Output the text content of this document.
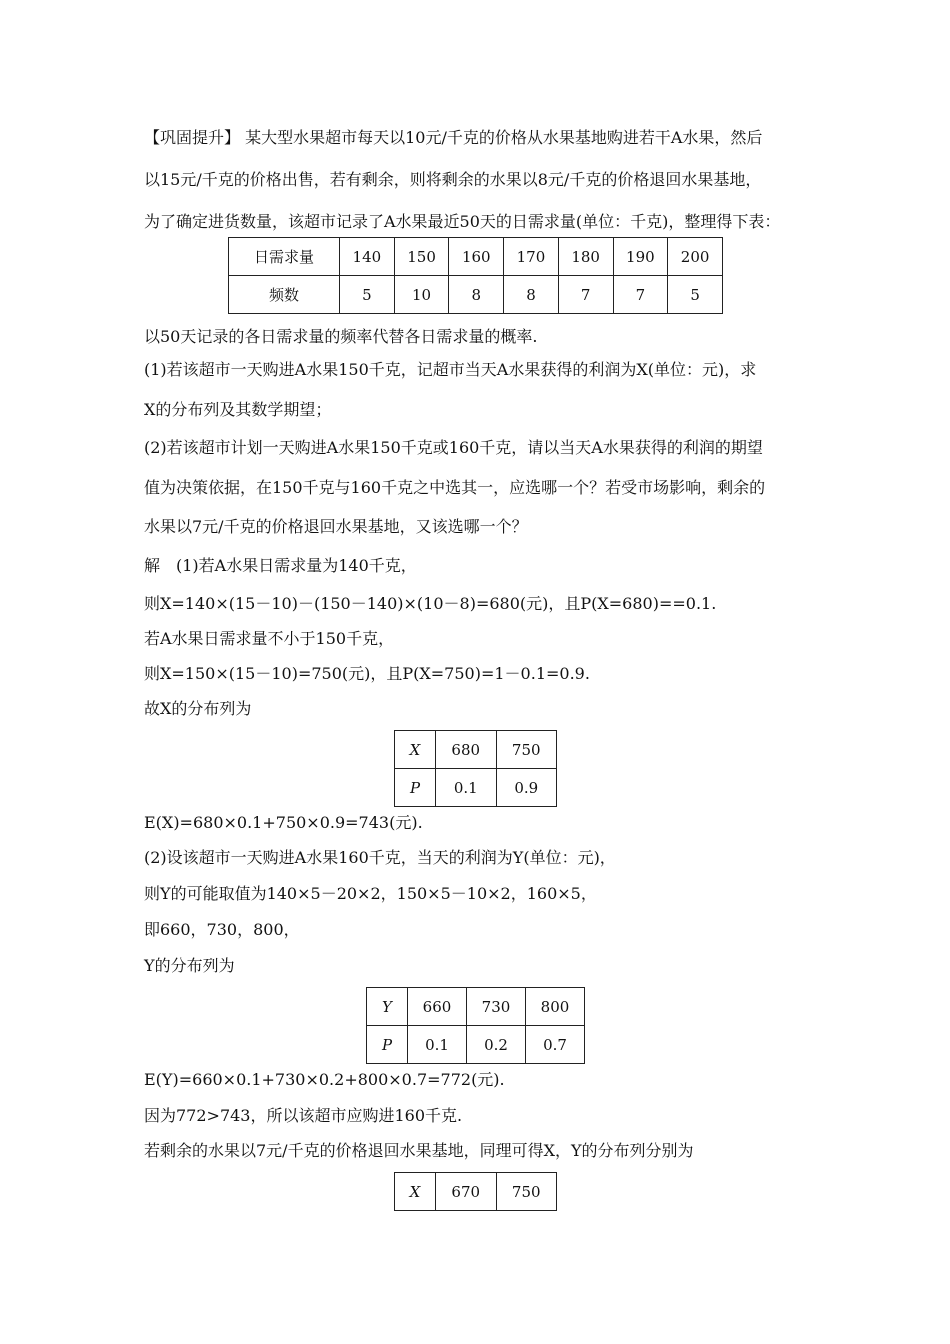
【巩固提升】 某大型水果超市每天以10元/千克的价格从水果基地购进若干A水果，然后
以15元/千克的价格出售，若有剩余，则将剩余的水果以8元/千克的价格退回水果基地，
为了确定进货数量，该超市记录了A水果最近50天的日需求量(单位：千克)，整理得下表：
日需求量	140	150	160	170	180	190	200
频数	5	10	8	8	7	7	5
以50天记录的各日需求量的频率代替各日需求量的概率.
(1)若该超市一天购进A水果150千克，记超市当天A水果获得的利润为X(单位：元)，求
X的分布列及其数学期望；
(2)若该超市计划一天购进A水果150千克或160千克，请以当天A水果获得的利润的期望
值为决策依据，在150千克与160千克之中选其一，应选哪一个？若受市场影响，剩余的
水果以7元/千克的价格退回水果基地，又该选哪一个？
解　(1)若A水果日需求量为140千克，
则X=140×(15－10)－(150－140)×(10－8)=680(元)，且P(X=680)==0.1.
若A水果日需求量不小于150千克，
则X=150×(15－10)=750(元)，且P(X=750)=1－0.1=0.9.
故X的分布列为
X	680	750
P	0.1	0.9
E(X)=680×0.1+750×0.9=743(元).
(2)设该超市一天购进A水果160千克，当天的利润为Y(单位：元)，
则Y的可能取值为140×5－20×2，150×5－10×2，160×5，
即660，730，800，
Y的分布列为
Y	660	730	800
P	0.1	0.2	0.7
E(Y)=660×0.1+730×0.2+800×0.7=772(元).
因为772>743，所以该超市应购进160千克.
若剩余的水果以7元/千克的价格退回水果基地，同理可得X，Y的分布列分别为
X	670	750
